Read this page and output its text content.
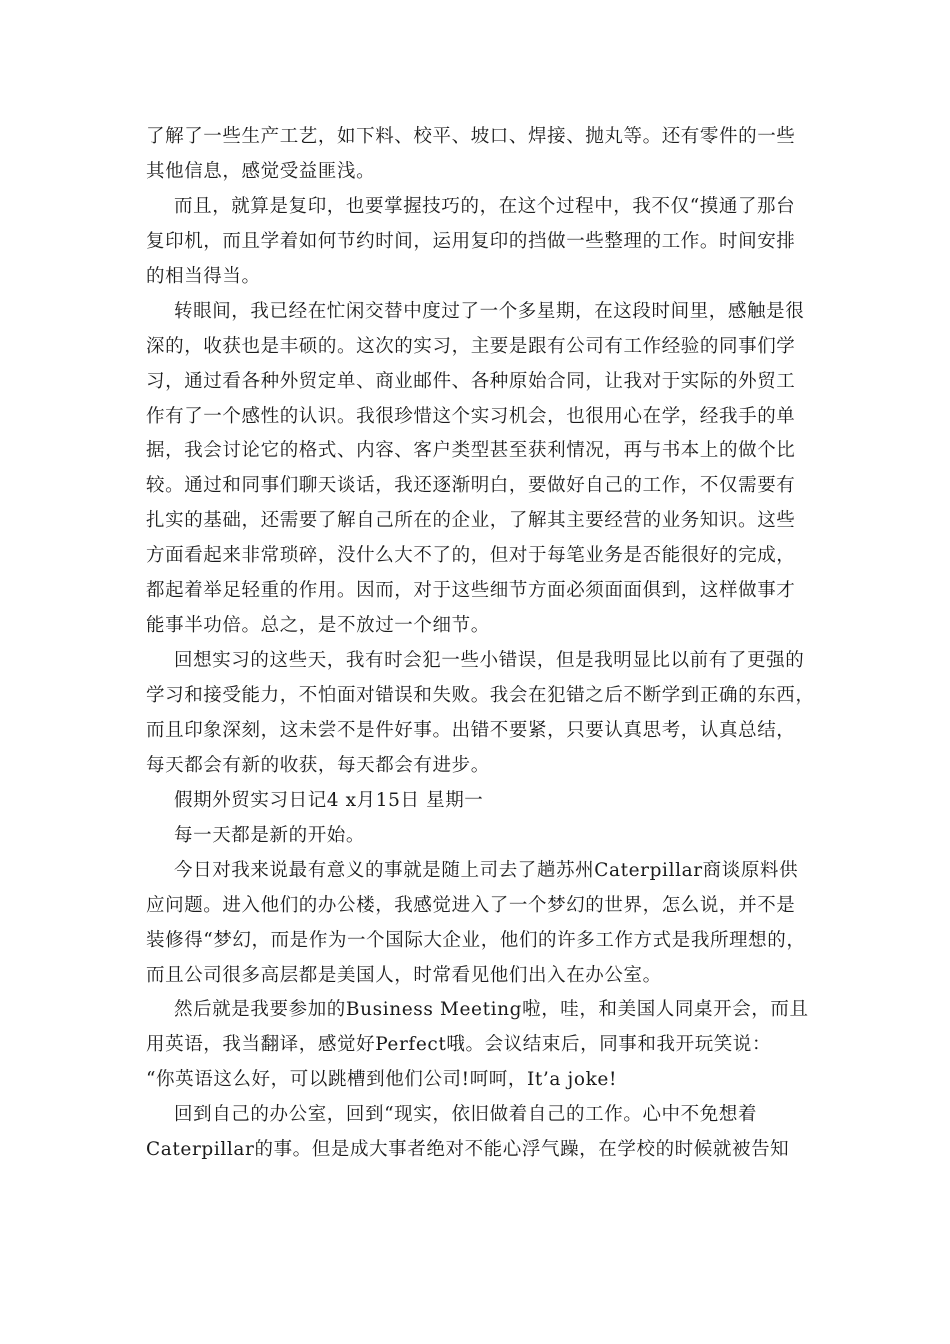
了解了一些生产工艺，如下料、校平、坡口、焊接、抛丸等。还有零件的一些
其他信息，感觉受益匪浅。
而且，就算是复印，也要掌握技巧的，在这个过程中，我不仅“摸通了那台
复印机，而且学着如何节约时间，运用复印的挡做一些整理的工作。时间安排
的相当得当。
转眼间，我已经在忙闲交替中度过了一个多星期，在这段时间里，感触是很
深的，收获也是丰硕的。这次的实习，主要是跟有公司有工作经验的同事们学
习，通过看各种外贸定单、商业邮件、各种原始合同，让我对于实际的外贸工
作有了一个感性的认识。我很珍惜这个实习机会，也很用心在学，经我手的单
据，我会讨论它的格式、内容、客户类型甚至获利情况，再与书本上的做个比
较。通过和同事们聊天谈话，我还逐渐明白，要做好自己的工作，不仅需要有
扎实的基础，还需要了解自己所在的企业，了解其主要经营的业务知识。这些
方面看起来非常琐碎，没什么大不了的，但对于每笔业务是否能很好的完成，
都起着举足轻重的作用。因而，对于这些细节方面必须面面俱到，这样做事才
能事半功倍。总之，是不放过一个细节。
回想实习的这些天，我有时会犯一些小错误，但是我明显比以前有了更强的
学习和接受能力，不怕面对错误和失败。我会在犯错之后不断学到正确的东西，
而且印象深刻，这未尝不是件好事。出错不要紧，只要认真思考，认真总结，
每天都会有新的收获，每天都会有进步。
假期外贸实习日记4 x月15日 星期一
每一天都是新的开始。
今日对我来说最有意义的事就是随上司去了趟苏州Caterpillar商谈原料供
应问题。进入他们的办公楼，我感觉进入了一个梦幻的世界，怎么说，并不是
装修得“梦幻，而是作为一个国际大企业，他们的许多工作方式是我所理想的，
而且公司很多高层都是美国人，时常看见他们出入在办公室。
然后就是我要参加的Business Meeting啦，哇，和美国人同桌开会，而且
用英语，我当翻译，感觉好Perfect哦。会议结束后，同事和我开玩笑说：
“你英语这么好，可以跳槽到他们公司!呵呵，It’a joke!
回到自己的办公室，回到“现实，依旧做着自己的工作。心中不免想着
Caterpillar的事。但是成大事者绝对不能心浮气躁，在学校的时候就被告知
